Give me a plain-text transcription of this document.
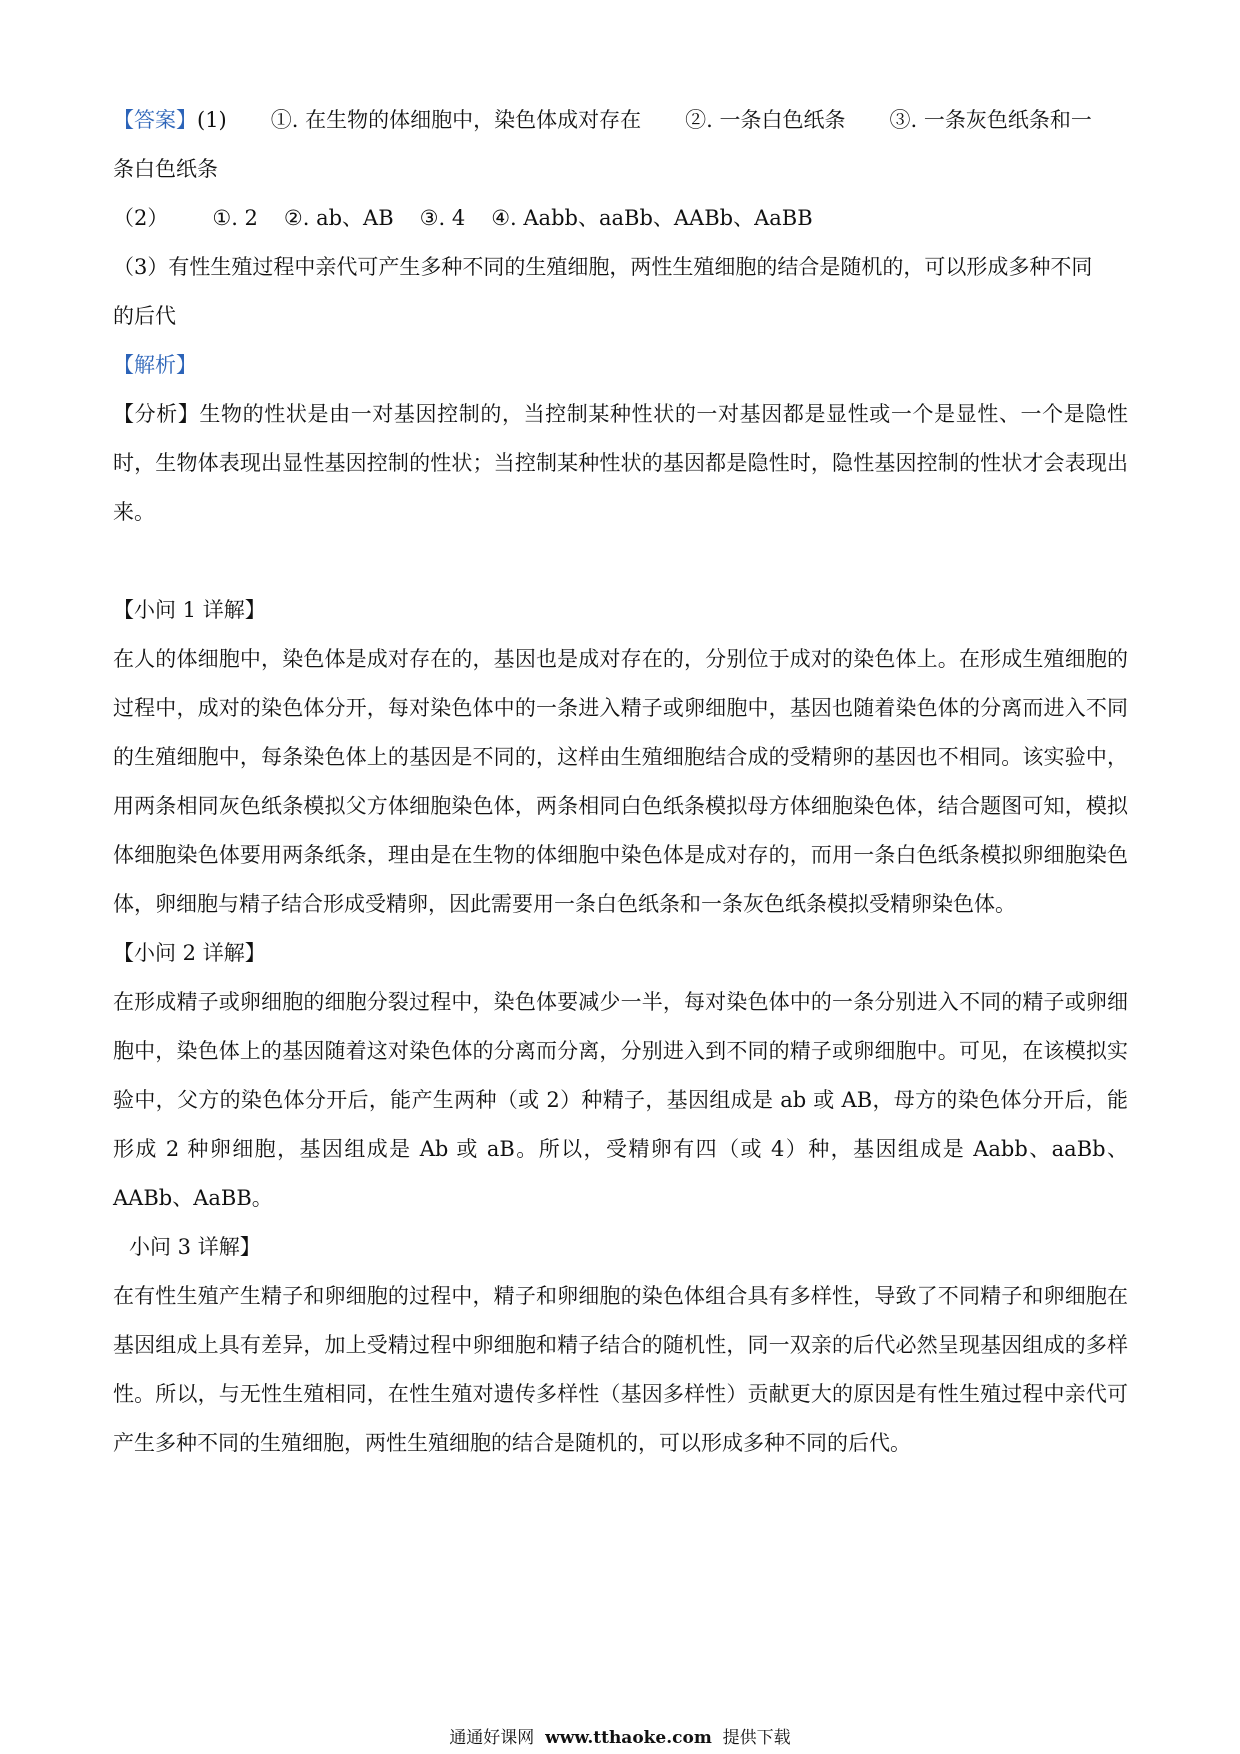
【答案】(1) ①. 在生物的体细胞中，染色体成对存在 ②. 一条白色纸条 ③. 一条灰色纸条和一

条白色纸条

（2） ①. 2 ②. ab、AB ③. 4 ④. Aabb、aaBb、AABb、AaBB

（3）有性生殖过程中亲代可产生多种不同的生殖细胞，两性生殖细胞的结合是随机的，可以形成多种不同

的后代

【解析】

【分析】生物的性状是由一对基因控制的，当控制某种性状的一对基因都是显性或一个是显性、一个是隐性时，生物体表现出显性基因控制的性状；当控制某种性状的基因都是隐性时，隐性基因控制的性状才会表现出来。

【小问 1 详解】

在人的体细胞中，染色体是成对存在的，基因也是成对存在的，分别位于成对的染色体上。在形成生殖细胞的过程中，成对的染色体分开，每对染色体中的一条进入精子或卵细胞中，基因也随着染色体的分离而进入不同的生殖细胞中，每条染色体上的基因是不同的，这样由生殖细胞结合成的受精卵的基因也不相同。该实验中，用两条相同灰色纸条模拟父方体细胞染色体，两条相同白色纸条模拟母方体细胞染色体，结合题图可知，模拟体细胞染色体要用两条纸条，理由是在生物的体细胞中染色体是成对存的，而用一条白色纸条模拟卵细胞染色体，卵细胞与精子结合形成受精卵，因此需要用一条白色纸条和一条灰色纸条模拟受精卵染色体。

【小问 2 详解】

在形成精子或卵细胞的细胞分裂过程中，染色体要减少一半，每对染色体中的一条分别进入不同的精子或卵细胞中，染色体上的基因随着这对染色体的分离而分离，分别进入到不同的精子或卵细胞中。可见，在该模拟实验中，父方的染色体分开后，能产生两种（或 2）种精子，基因组成是 ab 或 AB，母方的染色体分开后，能形成 2 种卵细胞，基因组成是 Ab 或 aB。所以，受精卵有四（或 4）种，基因组成是 Aabb、aaBb、AABb、AaBB。

小问 3 详解】

在有性生殖产生精子和卵细胞的过程中，精子和卵细胞的染色体组合具有多样性，导致了不同精子和卵细胞在基因组成上具有差异，加上受精过程中卵细胞和精子结合的随机性，同一双亲的后代必然呈现基因组成的多样性。所以，与无性生殖相同，在性生殖对遗传多样性（基因多样性）贡献更大的原因是有性生殖过程中亲代可产生多种不同的生殖细胞，两性生殖细胞的结合是随机的，可以形成多种不同的后代。

通通好课网 www.tthaoke.com 提供下载
